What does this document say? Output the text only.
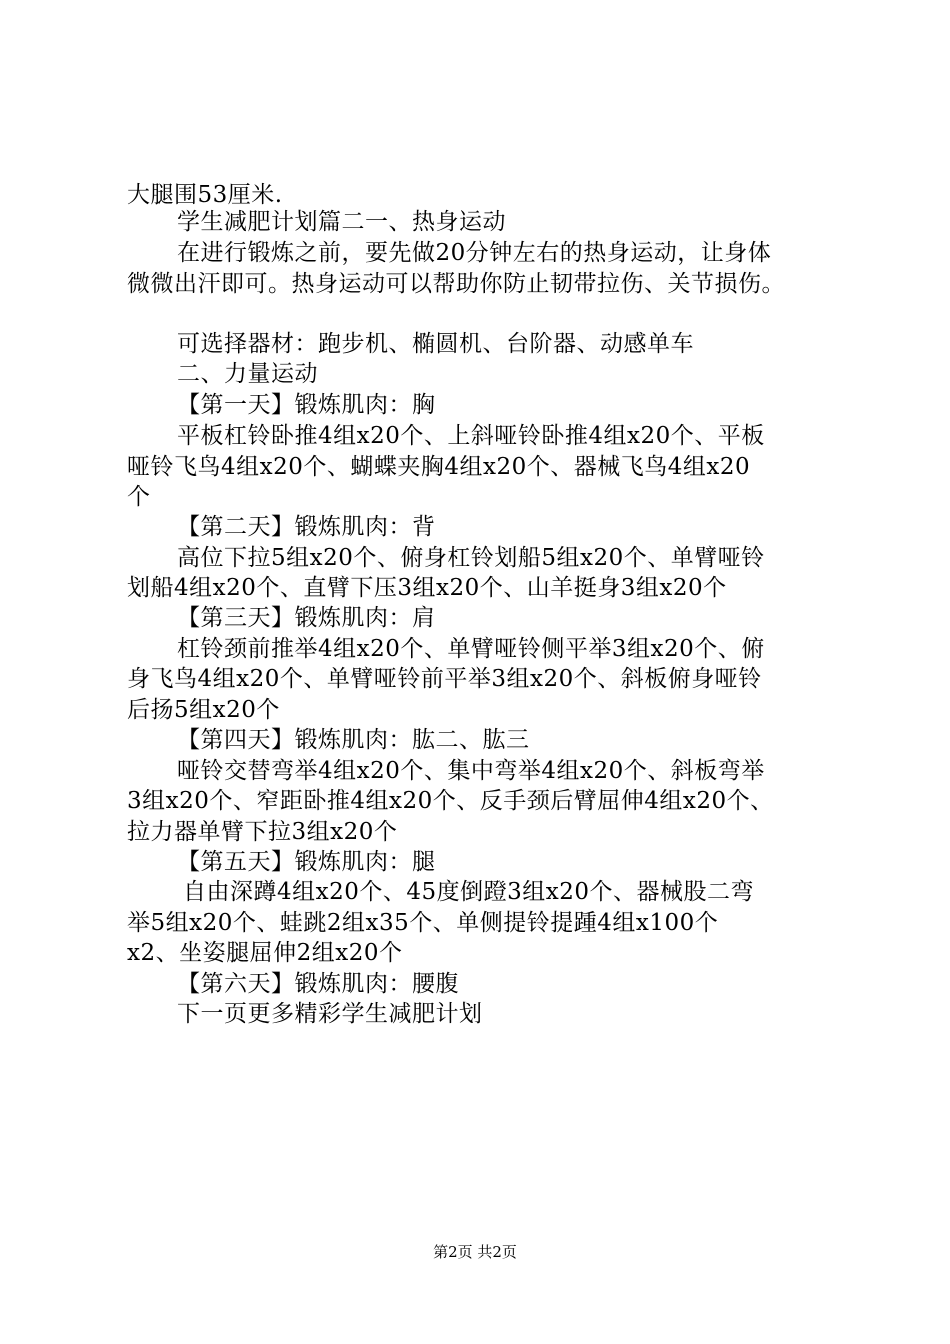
大腿围53厘米.
学生减肥计划篇二一、热身运动
在进行锻炼之前，要先做20分钟左右的热身运动，让身体
微微出汗即可。热身运动可以帮助你防止韧带拉伤、关节损伤。
可选择器材：跑步机、椭圆机、台阶器、动感单车
二、力量运动
【第一天】锻炼肌肉：胸
平板杠铃卧推4组x20个、上斜哑铃卧推4组x20个、平板
哑铃飞鸟4组x20个、蝴蝶夹胸4组x20个、器械飞鸟4组x20
个
【第二天】锻炼肌肉：背
高位下拉5组x20个、俯身杠铃划船5组x20个、单臂哑铃
划船4组x20个、直臂下压3组x20个、山羊挺身3组x20个
【第三天】锻炼肌肉：肩
杠铃颈前推举4组x20个、单臂哑铃侧平举3组x20个、俯
身飞鸟4组x20个、单臂哑铃前平举3组x20个、斜板俯身哑铃
后扬5组x20个
【第四天】锻炼肌肉：肱二、肱三
哑铃交替弯举4组x20个、集中弯举4组x20个、斜板弯举
3组x20个、窄距卧推4组x20个、反手颈后臂屈伸4组x20个、
拉力器单臂下拉3组x20个
【第五天】锻炼肌肉：腿
自由深蹲4组x20个、45度倒蹬3组x20个、器械股二弯
举5组x20个、蛙跳2组x35个、单侧提铃提踵4组x100个
x2、坐姿腿屈伸2组x20个
【第六天】锻炼肌肉：腰腹
下一页更多精彩学生减肥计划
第2页 共2页
